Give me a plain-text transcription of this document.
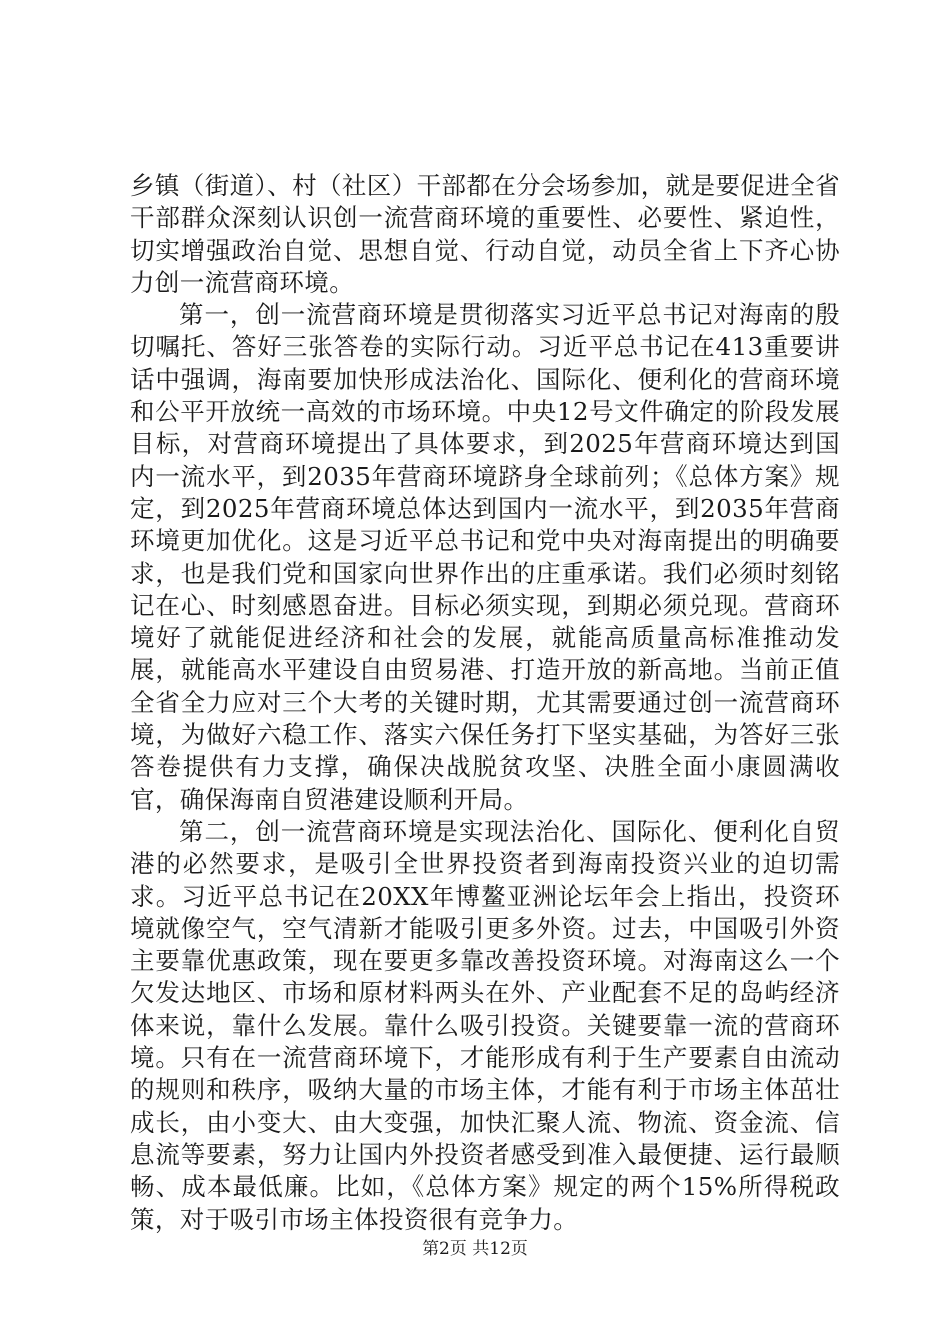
乡镇（街道）、村（社区）干部都在分会场参加，就是要促进全省干部群众深刻认识创一流营商环境的重要性、必要性、紧迫性，切实增强政治自觉、思想自觉、行动自觉，动员全省上下齐心协力创一流营商环境。

第一，创一流营商环境是贯彻落实习近平总书记对海南的殷切嘱托、答好三张答卷的实际行动。习近平总书记在413重要讲话中强调，海南要加快形成法治化、国际化、便利化的营商环境和公平开放统一高效的市场环境。中央12号文件确定的阶段发展目标，对营商环境提出了具体要求，到2025年营商环境达到国内一流水平，到2035年营商环境跻身全球前列；《总体方案》规定，到2025年营商环境总体达到国内一流水平，到2035年营商环境更加优化。这是习近平总书记和党中央对海南提出的明确要求，也是我们党和国家向世界作出的庄重承诺。我们必须时刻铭记在心、时刻感恩奋进。目标必须实现，到期必须兑现。营商环境好了就能促进经济和社会的发展，就能高质量高标准推动发展，就能高水平建设自由贸易港、打造开放的新高地。当前正值全省全力应对三个大考的关键时期，尤其需要通过创一流营商环境，为做好六稳工作、落实六保任务打下坚实基础，为答好三张答卷提供有力支撑，确保决战脱贫攻坚、决胜全面小康圆满收官，确保海南自贸港建设顺利开局。

第二，创一流营商环境是实现法治化、国际化、便利化自贸港的必然要求，是吸引全世界投资者到海南投资兴业的迫切需求。习近平总书记在20XX年博鳌亚洲论坛年会上指出，投资环境就像空气，空气清新才能吸引更多外资。过去，中国吸引外资主要靠优惠政策，现在要更多靠改善投资环境。对海南这么一个欠发达地区、市场和原材料两头在外、产业配套不足的岛屿经济体来说，靠什么发展。靠什么吸引投资。关键要靠一流的营商环境。只有在一流营商环境下，才能形成有利于生产要素自由流动的规则和秩序，吸纳大量的市场主体，才能有利于市场主体茁壮成长，由小变大、由大变强，加快汇聚人流、物流、资金流、信息流等要素，努力让国内外投资者感受到准入最便捷、运行最顺畅、成本最低廉。比如，《总体方案》规定的两个15%所得税政策，对于吸引市场主体投资很有竞争力。

第2页 共12页
